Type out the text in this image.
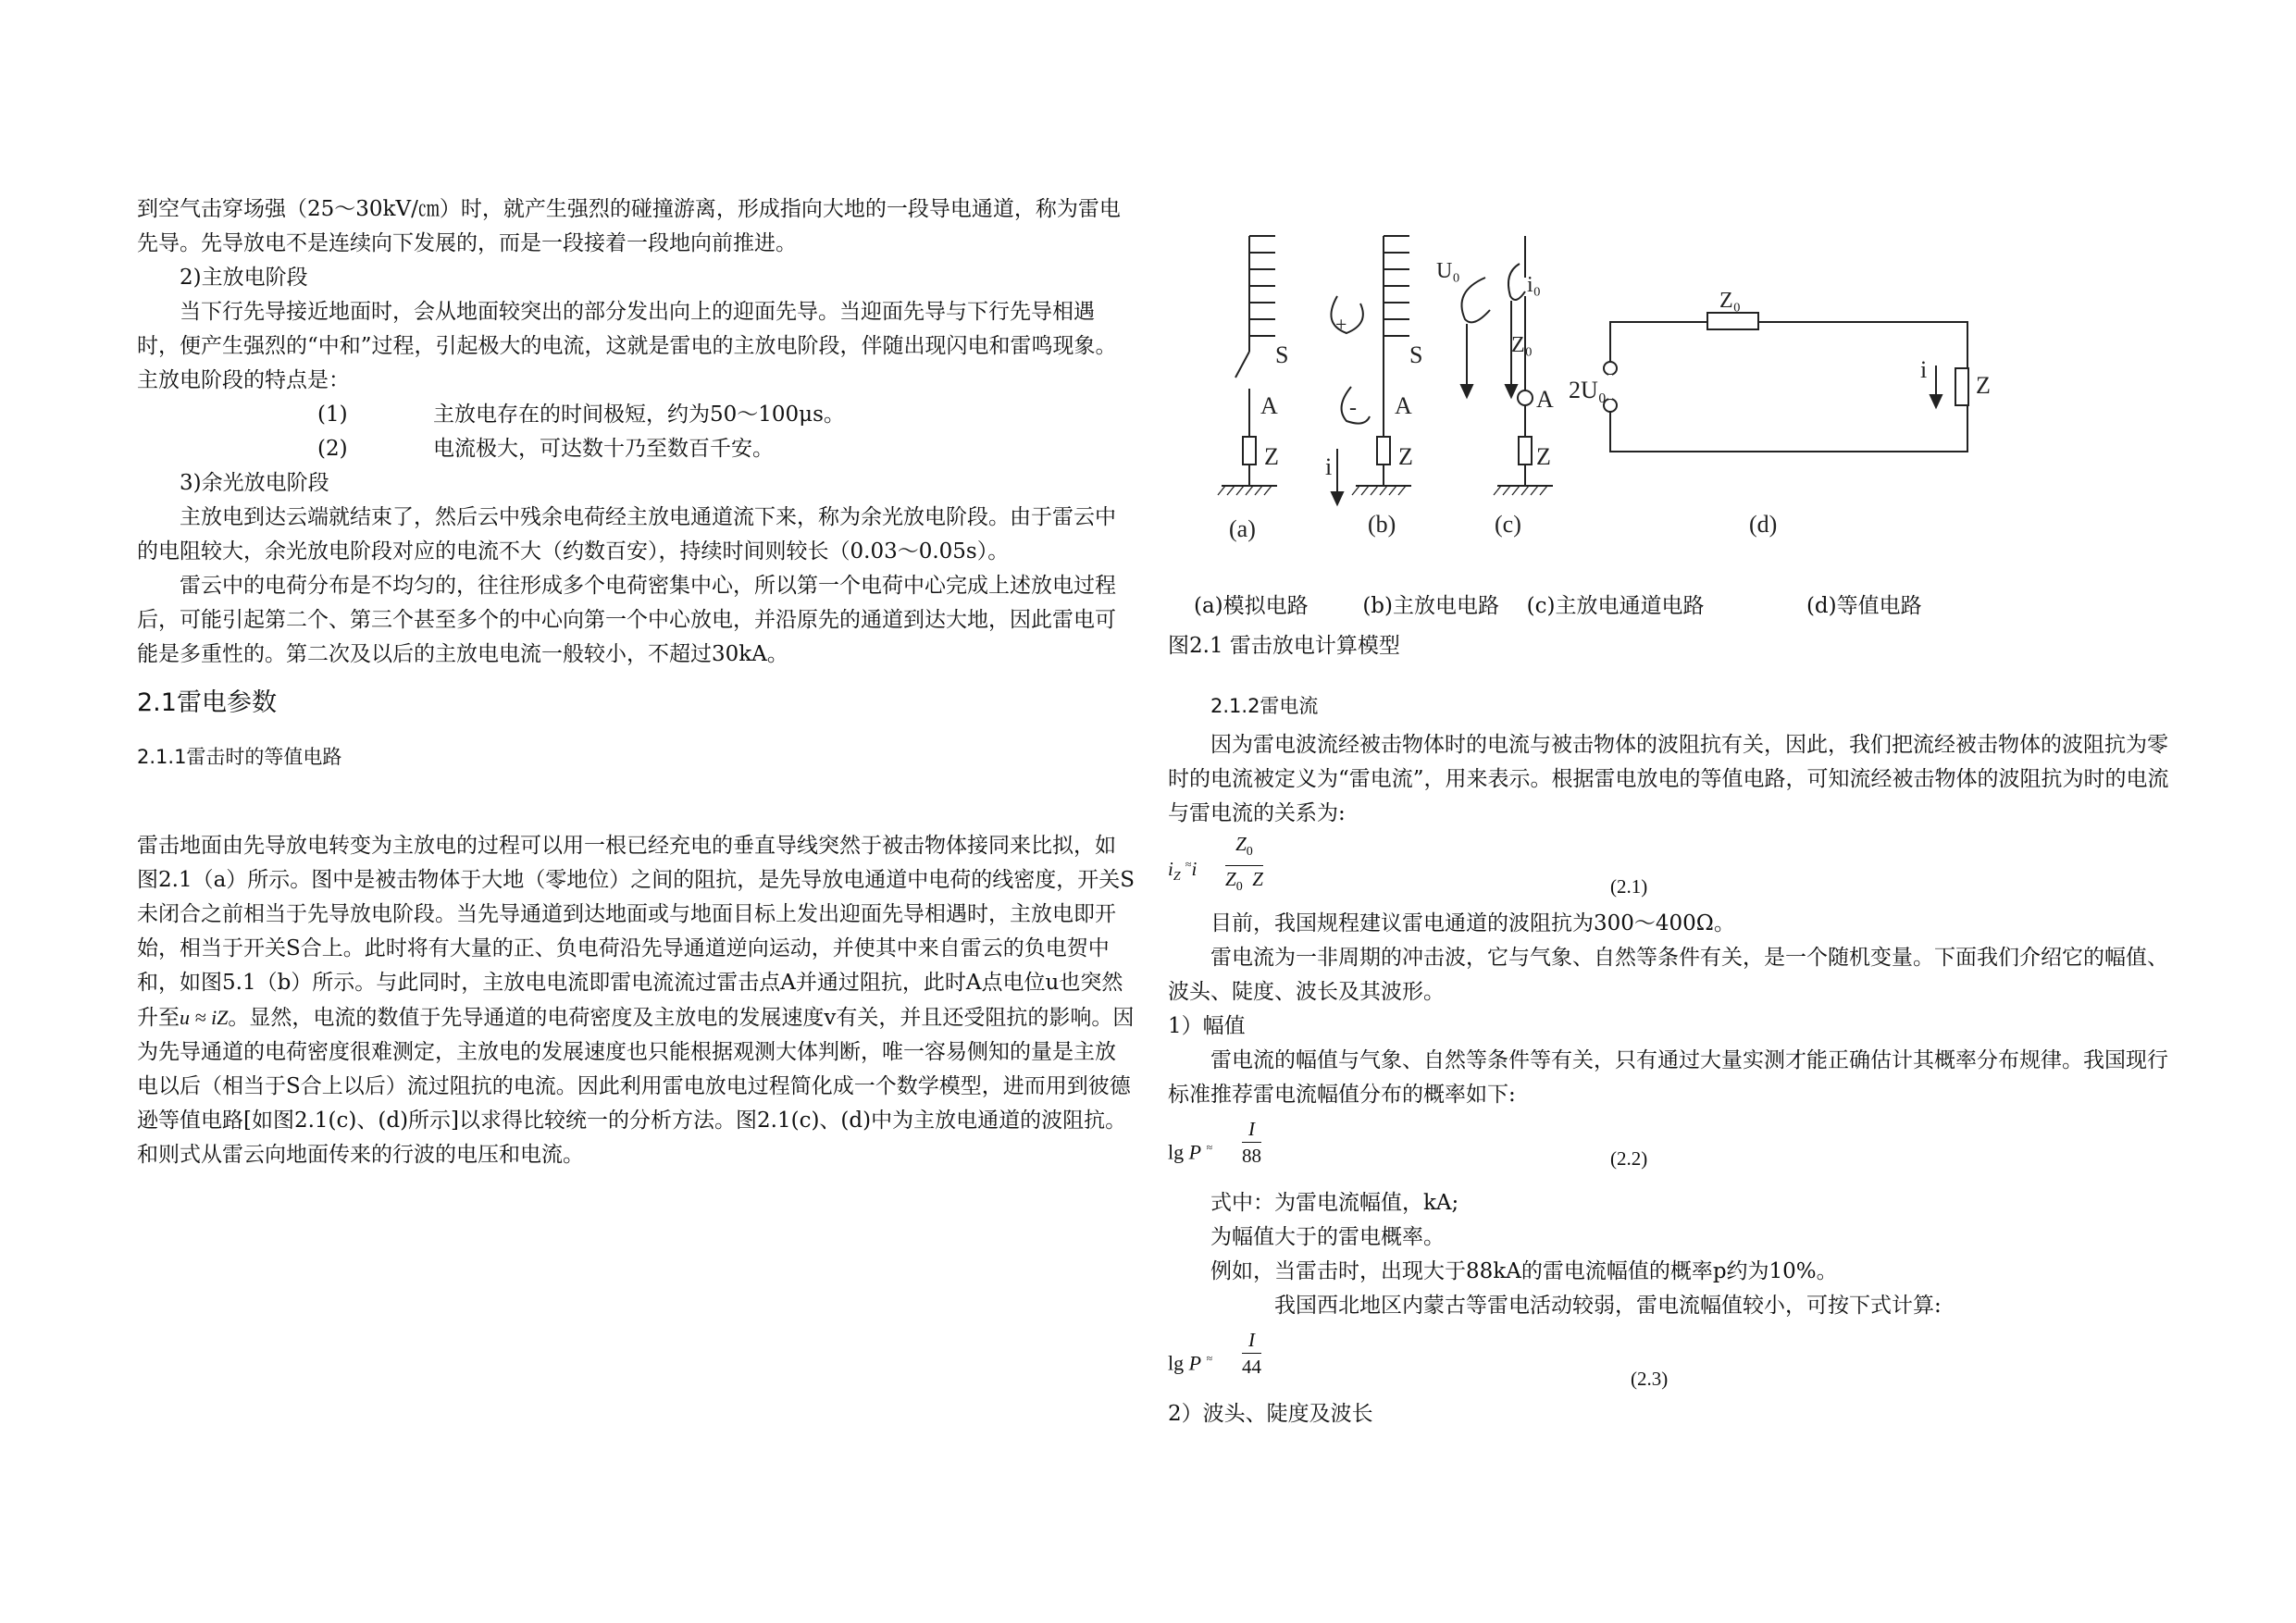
到空气击穿场强（25～30kV/㎝）时，就产生强烈的碰撞游离，形成指向大地的一段导电通道，称为雷电先导。先导放电不是连续向下发展的，而是一段接着一段地向前推进。

2)主放电阶段

当下行先导接近地面时，会从地面较突出的部分发出向上的迎面先导。当迎面先导与下行先导相遇时，便产生强烈的“中和”过程，引起极大的电流，这就是雷电的主放电阶段，伴随出现闪电和雷鸣现象。主放电阶段的特点是：

(1)	主放电存在的时间极短，约为50～100μs。
(2)	电流极大，可达数十乃至数百千安。

3)余光放电阶段

主放电到达云端就结束了，然后云中残余电荷经主放电通道流下来，称为余光放电阶段。由于雷云中的电阻较大，余光放电阶段对应的电流不大（约数百安），持续时间则较长（0.03～0.05s）。

雷云中的电荷分布是不均匀的，往往形成多个电荷密集中心，所以第一个电荷中心完成上述放电过程后，可能引起第二个、第三个甚至多个的中心向第一个中心放电，并沿原先的通道到达大地，因此雷电可能是多重性的。第二次及以后的主放电电流一般较小，不超过30kA。

2.1雷电参数
2.1.1雷击时的等值电路

雷击地面由先导放电转变为主放电的过程可以用一根已经充电的垂直导线突然于被击物体接同来比拟，如图2.1（a）所示。图中是被击物体于大地（零地位）之间的阻抗，是先导放电通道中电荷的线密度，开关S未闭合之前相当于先导放电阶段。当先导通道到达地面或与地面目标上发出迎面先导相遇时，主放电即开始，相当于开关S合上。此时将有大量的正、负电荷沿先导通道逆向运动，并使其中来自雷云的负电贺中和，如图5.1（b）所示。与此同时，主放电电流即雷电流流过雷击点A并通过阻抗，此时A点电位u也突然升至u ≈ iZ。显然，电流的数值于先导通道的电荷密度及主放电的发展速度v有关，并且还受阻抗的影响。因为先导通道的电荷密度很难测定，主放电的发展速度也只能根据观测大体判断，唯一容易侧知的量是主放电以后（相当于S合上以后）流过阻抗的电流。因此利用雷电放电过程简化成一个数学模型，进而用到彼德逊等值电路[如图2.1(c)、(d)所示]以求得比较统一的分析方法。图2.1(c)、(d)中为主放电通道的波阻抗。和则式从雷云向地面传来的行波的电压和电流。

S
A
Z
S
+
- A
Z
i
U₀
i₀
Z₀
A
Z
Z₀
2U₀
i
Z
(a)	(b)	(c)	(d)
(a)模拟电路	(b)主放电电路 (c)主放电通道电路	(d)等值电路
图2.1 雷击放电计算模型
2.1.2雷电流

因为雷电波流经被击物体时的电流与被击物体的波阻抗有关，因此，我们把流经被击物体的波阻抗为零时的电流被定义为“雷电流”，用来表示。根据雷电放电的等值电路，可知流经被击物体的波阻抗为时的电流与雷电流的关系为:

$i_Z$ $^\approx i \frac{Z_0}{Z_0 Z}$	(2.1)

目前，我国规程建议雷电通道的波阻抗为300～400Ω。

雷电流为一非周期的冲击波，它与气象、自然等条件有关，是一个随机变量。下面我们介绍它的幅值、波头、陡度、波长及其波形。

1）幅值

雷电流的幅值与气象、自然等条件等有关，只有通过大量实测才能正确估计其概率分布规律。我国现行标准推荐雷电流幅值分布的概率如下:

lg P $^\approx \frac{I}{88}$	(2.2)

式中：为雷电流幅值，kA;

为幅值大于的雷电概率。

例如，当雷击时，出现大于88kA的雷电流幅值的概率p约为10%。

我国西北地区内蒙古等雷电活动较弱，雷电流幅值较小，可按下式计算:

lg P $^\approx \frac{I}{44}$	(2.3)

2）波头、陡度及波长
